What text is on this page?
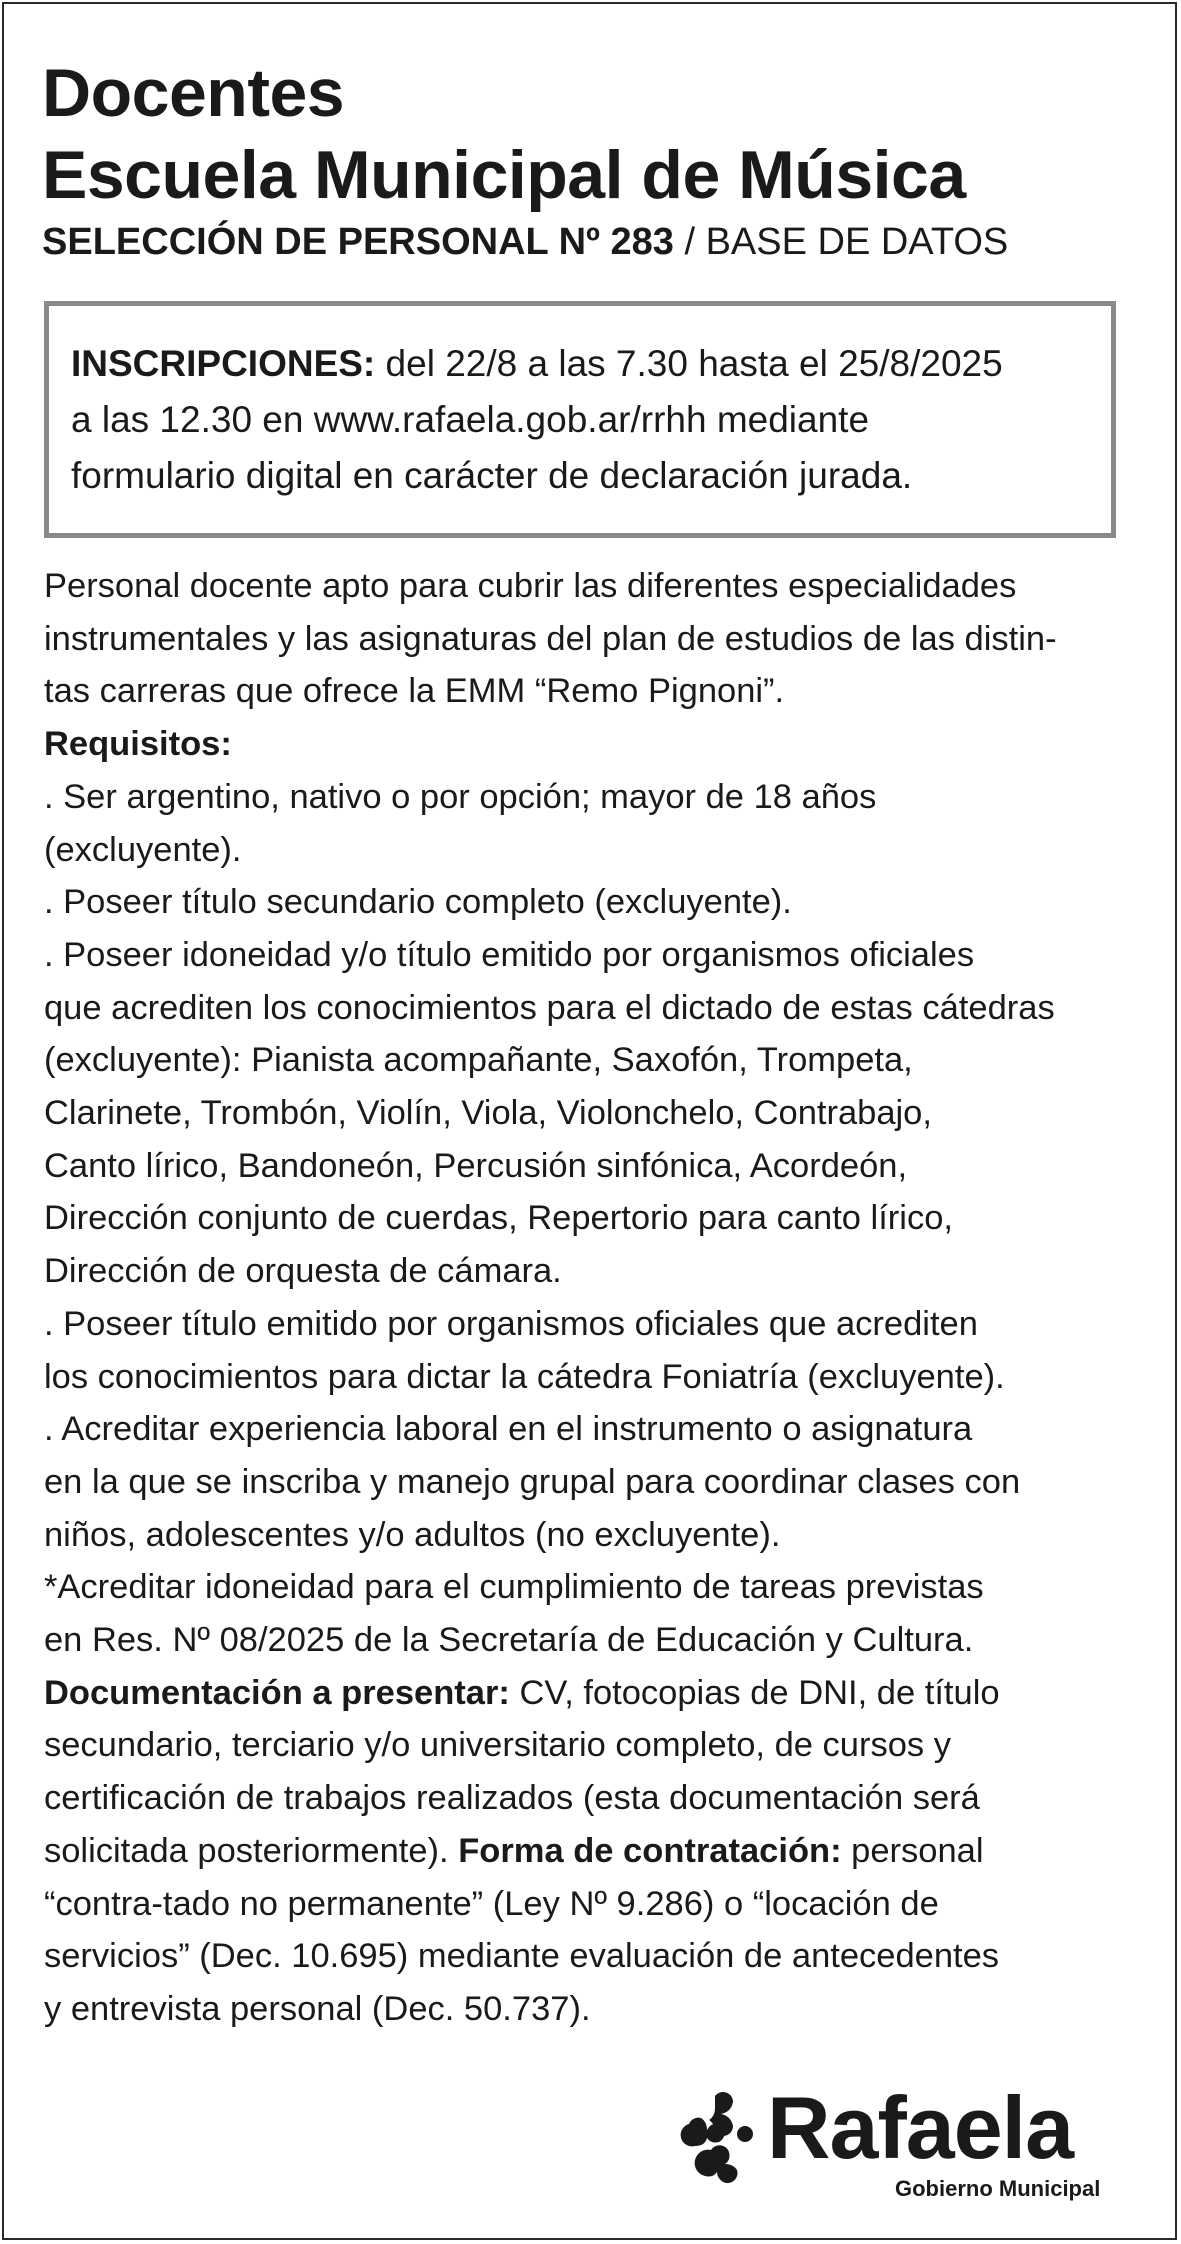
Docentes
Escuela Municipal de Música

SELECCIÓN DE PERSONAL Nº 283 / BASE DE DATOS

INSCRIPCIONES: del 22/8 a las 7.30 hasta el 25/8/2025
a las 12.30 en www.rafaela.gob.ar/rrhh mediante
formulario digital en carácter de declaración jurada.
Personal docente apto para cubrir las diferentes especialidades
instrumentales y las asignaturas del plan de estudios de las distin-
tas carreras que ofrece la EMM “Remo Pignoni”.
Requisitos:
. Ser argentino, nativo o por opción; mayor de 18 años
(excluyente).
. Poseer título secundario completo (excluyente).
. Poseer idoneidad y/o título emitido por organismos oficiales
que acrediten los conocimientos para el dictado de estas cátedras
(excluyente): Pianista acompañante, Saxofón, Trompeta,
Clarinete, Trombón, Violín, Viola, Violonchelo, Contrabajo,
Canto lírico, Bandoneón, Percusión sinfónica, Acordeón,
Dirección conjunto de cuerdas, Repertorio para canto lírico,
Dirección de orquesta de cámara.
. Poseer título emitido por organismos oficiales que acrediten
los conocimientos para dictar la cátedra Foniatría (excluyente).
. Acreditar experiencia laboral en el instrumento o asignatura
en la que se inscriba y manejo grupal para coordinar clases con
niños, adolescentes y/o adultos (no excluyente).
*Acreditar idoneidad para el cumplimiento de tareas previstas
en Res. Nº 08/2025 de la Secretaría de Educación y Cultura.
Documentación a presentar: CV, fotocopias de DNI, de título
secundario, terciario y/o universitario completo, de cursos y
certificación de trabajos realizados (esta documentación será
solicitada posteriormente). Forma de contratación: personal
“contra-tado no permanente” (Ley Nº 9.286) o “locación de
servicios” (Dec. 10.695) mediante evaluación de antecedentes
y entrevista personal (Dec. 50.737).
Rafaela
Gobierno Municipal
